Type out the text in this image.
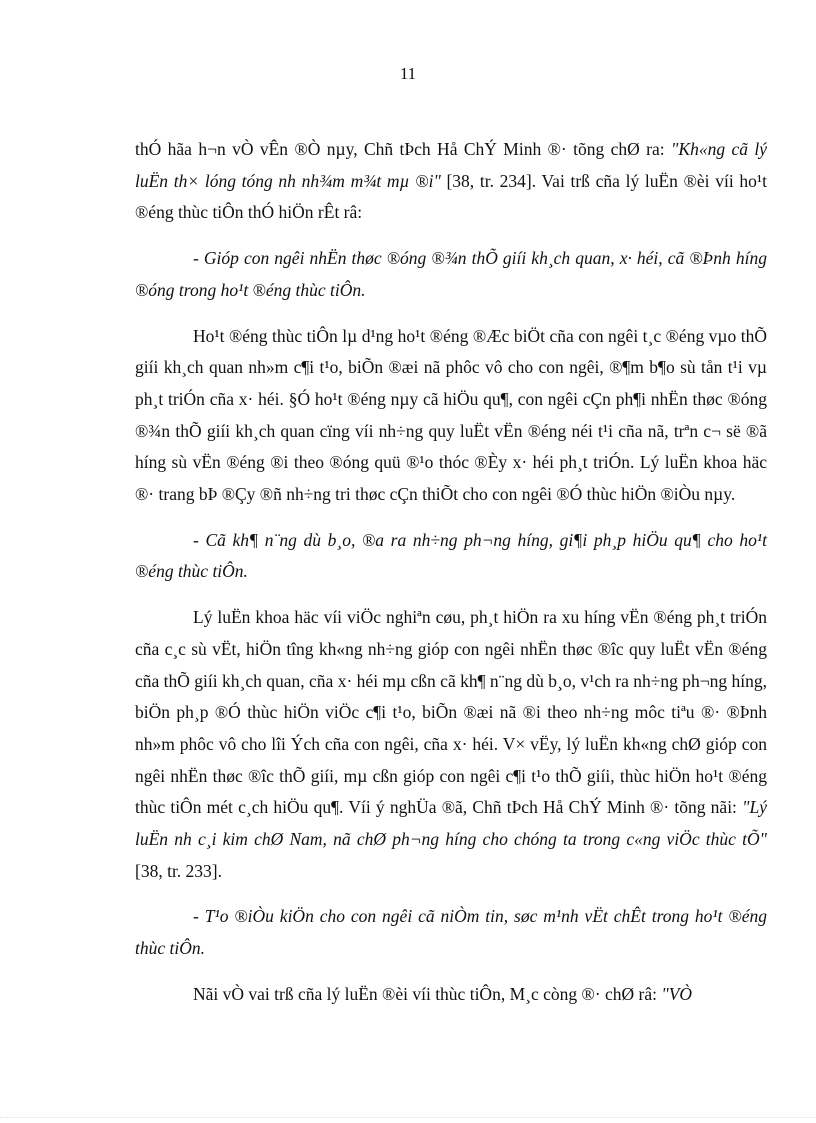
11

thÓ hãa h¬n vÒ vÊn ®Ò nµy, Chñ tÞch Hå ChÝ Minh ®· tõng chØ ra: "Kh«ng cã lý luËn th× lóng tóng nh nh¾m m¾t mµ ®i" [38, tr. 234]. Vai trß cña lý luËn ®èi víi ho¹t ®éng thùc tiÔn thÓ hiÖn rÊt râ:

- Gióp con ngêi nhËn thøc ®óng ®¾n thÕ giíi kh¸ch quan, x· héi, cã ®Þnh híng ®óng trong ho¹t ®éng thùc tiÔn.

Ho¹t ®éng thùc tiÔn lµ d¹ng ho¹t ®éng ®Æc biÖt cña con ngêi t¸c ®éng vµo thÕ giíi kh¸ch quan nh»m c¶i t¹o, biÕn ®æi nã phôc vô cho con ngêi, ®¶m b¶o sù tån t¹i vµ ph¸t triÓn cña x· héi. §Ó ho¹t ®éng nµy cã hiÖu qu¶, con ngêi cÇn ph¶i nhËn thøc ®óng ®¾n thÕ giíi kh¸ch quan cïng víi nh÷ng quy luËt vËn ®éng néi t¹i cña nã, trªn c¬ së ®ã híng sù vËn ®éng ®i theo ®óng quü ®¹o thóc ®Èy x· héi ph¸t triÓn. Lý luËn khoa häc ®· trang bÞ ®Çy ®ñ nh÷ng tri thøc cÇn thiÕt cho con ngêi ®Ó thùc hiÖn ®iÒu nµy.

- Cã kh¶ n¨ng dù b¸o, ®a ra nh÷ng ph¬ng híng, gi¶i ph¸p hiÖu qu¶ cho ho¹t ®éng thùc tiÔn.

Lý luËn khoa häc víi viÖc nghiªn cøu, ph¸t hiÖn ra xu híng vËn ®éng ph¸t triÓn cña c¸c sù vËt, hiÖn tîng kh«ng nh÷ng gióp con ngêi nhËn thøc ®îc quy luËt vËn ®éng cña thÕ giíi kh¸ch quan, cña x· héi mµ cßn cã kh¶ n¨ng dù b¸o, v¹ch ra nh÷ng ph¬ng híng, biÖn ph¸p ®Ó thùc hiÖn viÖc c¶i t¹o, biÕn ®æi nã ®i theo nh÷ng môc tiªu ®· ®Þnh nh»m phôc vô cho lîi Ých cña con ngêi, cña x· héi. V× vËy, lý luËn kh«ng chØ gióp con ngêi nhËn thøc ®îc thÕ giíi, mµ cßn gióp con ngêi c¶i t¹o thÕ giíi, thùc hiÖn ho¹t ®éng thùc tiÔn mét c¸ch hiÖu qu¶. Víi ý nghÜa ®ã, Chñ tÞch Hå ChÝ Minh ®· tõng nãi: "Lý luËn nh c¸i kim chØ Nam, nã chØ ph¬ng híng cho chóng ta trong c«ng viÖc thùc tÕ" [38, tr. 233].

- T¹o ®iÒu kiÖn cho con ngêi cã niÒm tin, søc m¹nh vËt chÊt trong ho¹t ®éng thùc tiÔn.

Nãi vÒ vai trß cña lý luËn ®èi víi thùc tiÔn, M¸c còng ®· chØ râ: "VÒ
